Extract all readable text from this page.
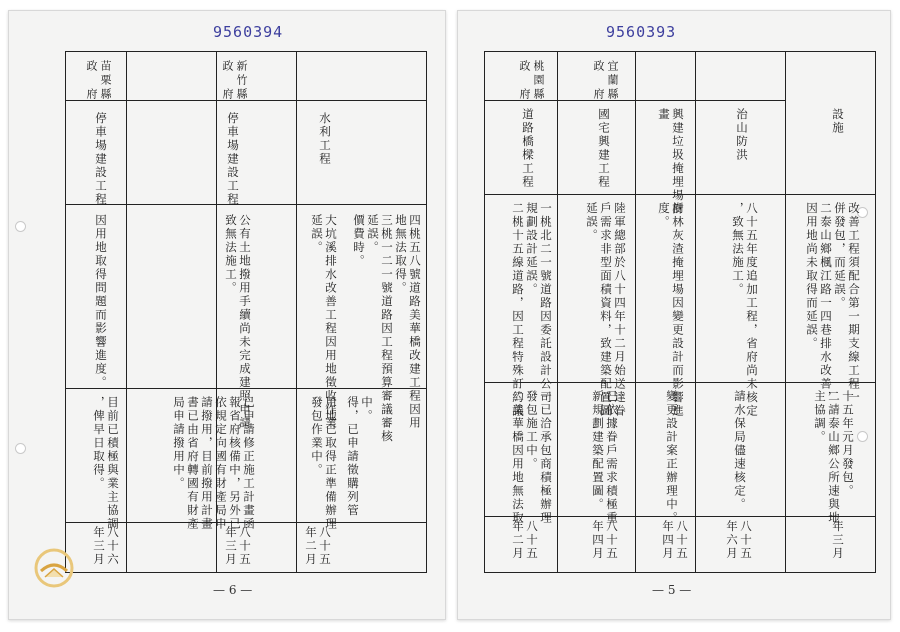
9560394
苗栗縣
政　府
停車場建設工程
因用地取得問題而影響進度。
目前已積極與業主協調
，俾早日取得。
八十六
年三月
新竹縣
政　府
停車場建設工程
公有土地撥用手續尚未完成建照申請
致無法施工。
已申請修正施工計畫函
報省府核備中，另外已
依規定向國有財產局申
請撥用，目前撥用計畫
書已由省府轉國有財產
局申請撥用中。
八十五
年三月
水利工程
大坑溪排水改善工程因用地徵收作業
延誤。
用地已取得正準備辦理
發包作業中。
八十五
年二月
四桃五八號道路美華橋改建工程因用
地無法取得。
三桃一二一號道路因工程預算審議審核
延誤。
價費時。

中。
得，已申請徵購列管
— 6 —
9560393
桃園縣
政　府
道路橋樑工程
一桃北二一號道路因委託設計公司
規劃設計延誤。
二桃十五線道路，因工程特殊訂約議
一已洽承包商積極辦理
發包施工中。
二美華橋因用地無法取
八十五
年二月
宜蘭縣
政　府
國宅興建工程
陸軍總部於八十四年十二月始送達眷
戶需求非型面積資料，致建築配置圖
延誤。
已依據眷戶需求積極重
新規劃建築配置圖。
八十五
年四月
興建垃圾掩埋場計
畫
樹林灰渣掩埋場因變更設計而影響進
度。
變更設計案正辦理中。
八十五
年四月
治山防洪
八十五年度追加工程，省府尚未核定
，致無法施工。
請水保局儘速核定。
八十五
年六月
設施
改善工程須配合第一期支線工程一
併發包，而延誤。
二泰山鄉楓江路一四巷排水改善，
因用地尚未取得而延誤。
十五年元月發包。
二請泰山鄉公所速與地
主協調。
年三月
— 5 —
